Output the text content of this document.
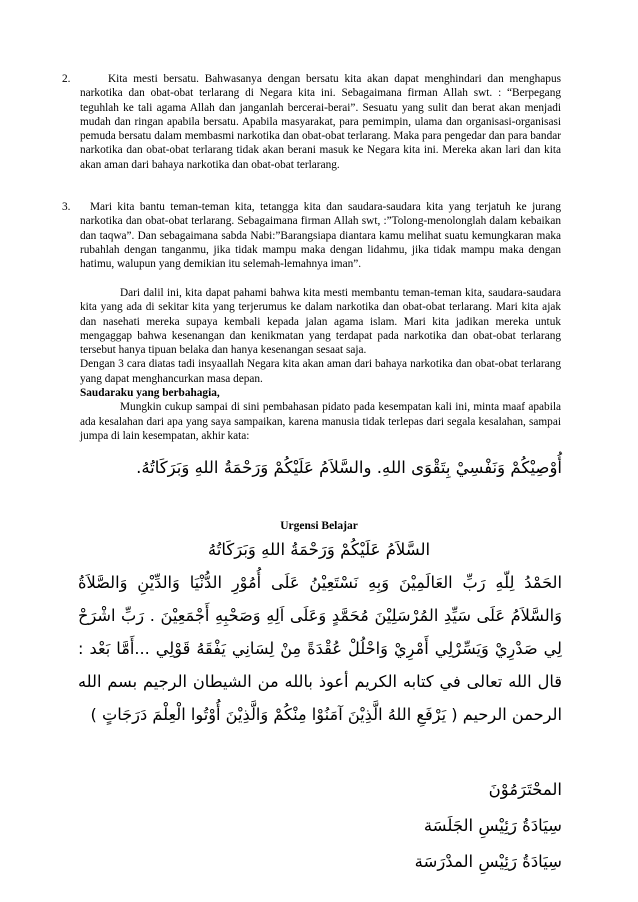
2.	Kita mesti bersatu. Bahwasanya dengan bersatu kita akan dapat menghindari dan menghapus narkotika dan obat-obat terlarang di Negara kita ini. Sebagaimana firman Allah swt. : “Berpegang teguhlah ke tali agama Allah dan janganlah bercerai-berai”. Sesuatu yang sulit dan berat akan menjadi mudah dan ringan apabila bersatu. Apabila masyarakat, para pemimpin, ulama dan organisasi-organisasi pemuda bersatu dalam membasmi narkotika dan obat-obat terlarang. Maka para pengedar dan para bandar narkotika dan obat-obat terlarang tidak akan berani masuk ke Negara kita ini. Mereka akan lari dan kita akan aman dari bahaya narkotika dan obat-obat terlarang.

3.	Mari kita bantu teman-teman kita, tetangga kita dan saudara-saudara kita yang terjatuh ke jurang narkotika dan obat-obat terlarang. Sebagaimana firman Allah swt, :”Tolong-menolonglah dalam kebaikan dan taqwa”. Dan sebagaimana sabda Nabi:”Barangsiapa diantara kamu melihat suatu kemungkaran maka rubahlah dengan tanganmu, jika tidak mampu maka dengan lidahmu, jika tidak mampu maka dengan hatimu, walupun yang demikian itu selemah-lemahnya iman”.

Dari dalil ini, kita dapat pahami bahwa kita mesti membantu teman-teman kita, saudara-saudara kita yang ada di sekitar kita yang terjerumus ke dalam narkotika dan obat-obat terlarang. Mari kita ajak dan nasehati mereka supaya kembali kepada jalan agama islam. Mari kita jadikan mereka untuk mengaggap bahwa kesenangan dan kenikmatan yang terdapat pada narkotika dan obat-obat terlarang tersebut hanya tipuan belaka dan hanya kesenangan sesaat saja.

Dengan 3 cara diatas tadi insyaallah Negara kita akan aman dari bahaya narkotika dan obat-obat terlarang yang dapat menghancurkan masa depan.

Saudaraku yang berbahagia,

Mungkin cukup sampai di sini pembahasan pidato pada kesempatan kali ini, minta maaf apabila ada kesalahan dari apa yang saya sampaikan, karena manusia tidak terlepas dari segala kesalahan, sampai jumpa di lain kesempatan, akhir kata:

أُوْصِيْكُمْ وَنَفْسِيْ بِتَقْوَى اللهِ. والسَّلاَمُ عَلَيْكُمْ وَرَحْمَةُ اللهِ وَبَرَكَاتُهُ.
Urgensi Belajar
السَّلاَمُ عَلَيْكُمْ وَرَحْمَةُ اللهِ وَبَرَكَاتُهُ
الحَمْدُ لِلّهِ رَبِّ العَالَمِيْنَ وَبِهِ نَسْتَعِيْنُ عَلَى أُمُوْرِ الدُّنْيَا وَالدِّيْنِ وَالصَّلاَةُ وَالسَّلاَمُ عَلَى سَيِّدِ المُرْسَلِيْنَ مُحَمَّدٍ وَعَلَى اَلِهِ وَصَحْبِهِ أَجْمَعِيْنَ . رَبِّ اشْرَحْ لِي صَدْرِيْ وَيَسِّرْلِي أَمْرِيْ وَاحْلُلْ عُقْدَةً مِنْ لِسَانِي يَفْقَهُ قَوْلِي ...أَمَّا بَعْد : قال الله تعالى في كتابه الكريم أعوذ بالله من الشيطان الرجيم بسم الله الرحمن الرحيم ( يَرْفَعِ اللهُ الَّذِيْنَ آمَنُوْا مِنْكُمْ وَالَّذِيْنَ أُوْتُوا الْعِلْمَ دَرَجَاتٍ )
المحْتَرَمُوْنَ
سِيَادَةُ رَئِيْسِ الجَلَسَة
سِيَادَةُ رَئِيْسِ المدْرَسَة
